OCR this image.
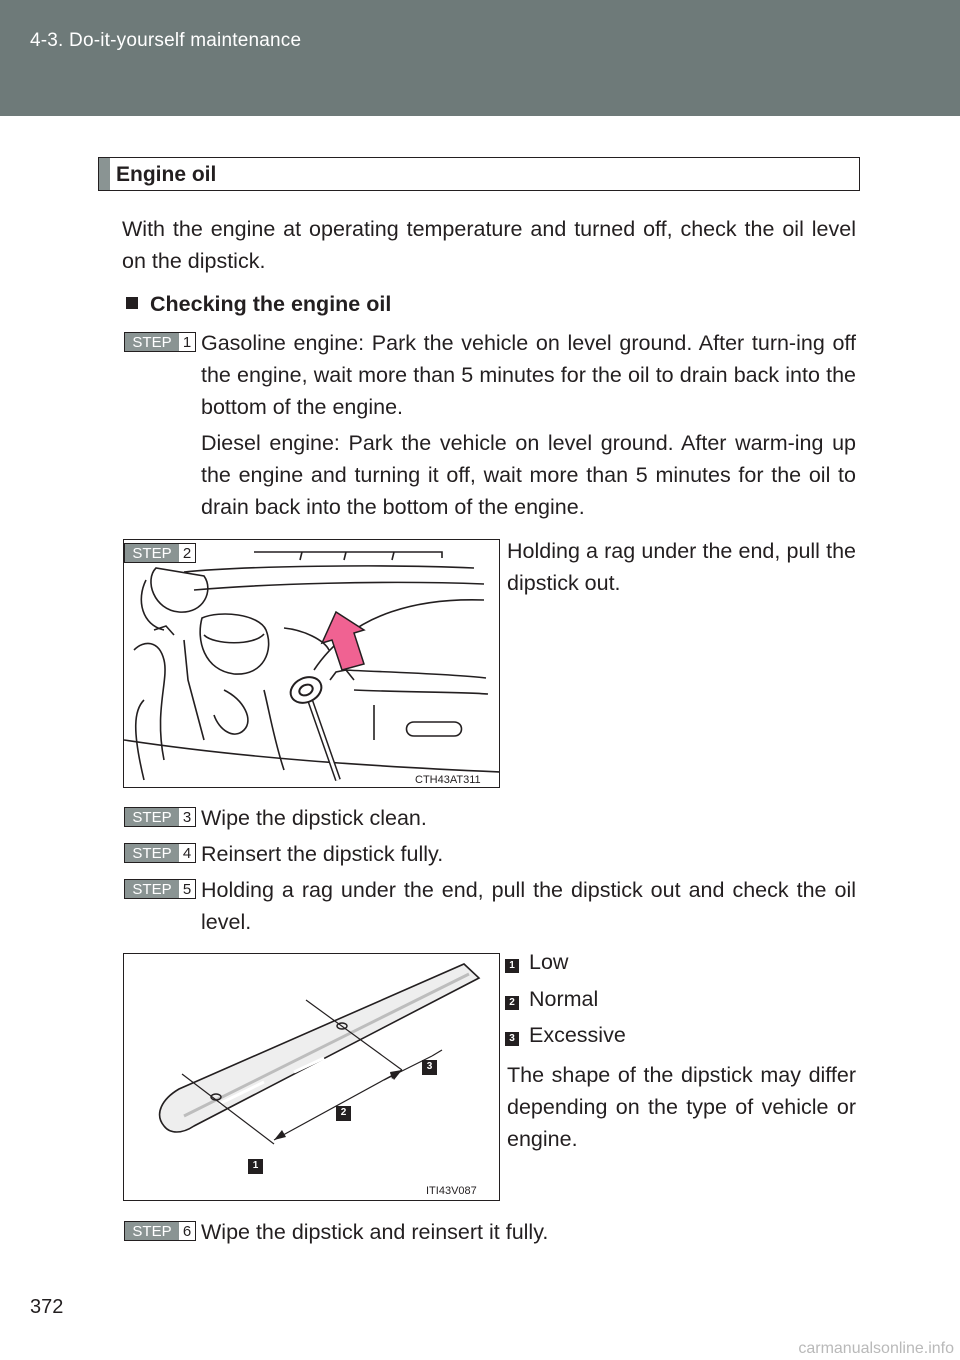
4-3. Do-it-yourself maintenance
Engine oil
With the engine at operating temperature and turned off, check the oil level on the dipstick.
Checking the engine oil
STEP 1 Gasoline engine: Park the vehicle on level ground. After turn-ing off the engine, wait more than 5 minutes for the oil to drain back into the bottom of the engine.
Diesel engine: Park the vehicle on level ground. After warm-ing up the engine and turning it off, wait more than 5 minutes for the oil to drain back into the bottom of the engine.
CTH43AT311
STEP 2	Holding a rag under the end, pull the dipstick out.
STEP 3 Wipe the dipstick clean.
STEP 4 Reinsert the dipstick fully.
STEP 5 Holding a rag under the end, pull the dipstick out and check the oil level.
1
2
3
ITI43V087
1 Low
2 Normal
3 Excessive
The shape of the dipstick may differ depending on the type of vehicle or engine.
STEP 6 Wipe the dipstick and reinsert it fully.
372
carmanualsonline.info
